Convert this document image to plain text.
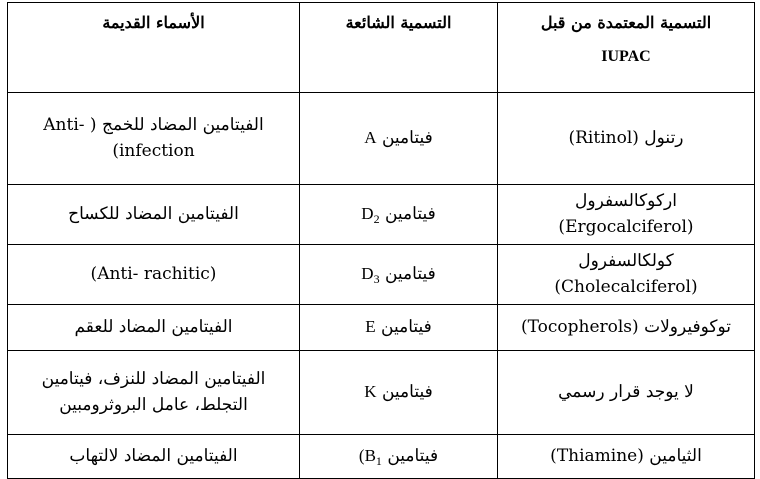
التسمية المعتمدة من قبل
IUPAC	التسمية الشائعة	الأسماء القديمة
رتنول (Ritinol)	فيتامين A	الفيتامين المضاد للخمج ( -Anti infection)
اركوكالسفرول (Ergocalciferol)	فيتامين $D_2$	الفيتامين المضاد للكساح
كولكالسفرول (Cholecalciferol)	فيتامين $D_3$	(Anti- rachitic)
توكوفيرولات (Tocopherols)	فيتامين E	الفيتامين المضاد للعقم
لا يوجد قرار رسمي	فيتامين K	الفيتامين المضاد للنزف، فيتامين التجلط، عامل البروثرومبين
الثيامين (Thiamine)	فيتامين ($B_1$	الفيتامين المضاد لالتهاب
